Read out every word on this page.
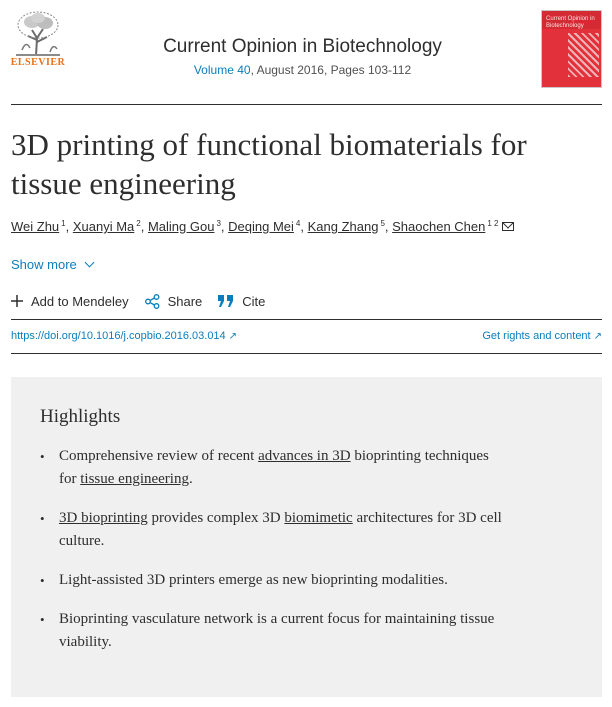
ELSEVIER
Current Opinion in Biotechnology
Volume 40, August 2016, Pages 103-112
Current Opinion in Biotechnology
3D printing of functional biomaterials for tissue engineering
Wei Zhu $^1$, Xuanyi Ma $^2$, Maling Gou $^3$, Deqing Mei $^4$, Kang Zhang $^5$, Shaochen Chen $^{1 2}$
Show more
Add to Mendeley	Share	Cite
https://doi.org/10.1016/j.copbio.2016.03.014 ↗	Get rights and content ↗
Highlights
• Comprehensive review of recent advances in 3D bioprinting techniques for tissue engineering.
• 3D bioprinting provides complex 3D biomimetic architectures for 3D cell culture.
• Light-assisted 3D printers emerge as new bioprinting modalities.
• Bioprinting vasculature network is a current focus for maintaining tissue viability.
